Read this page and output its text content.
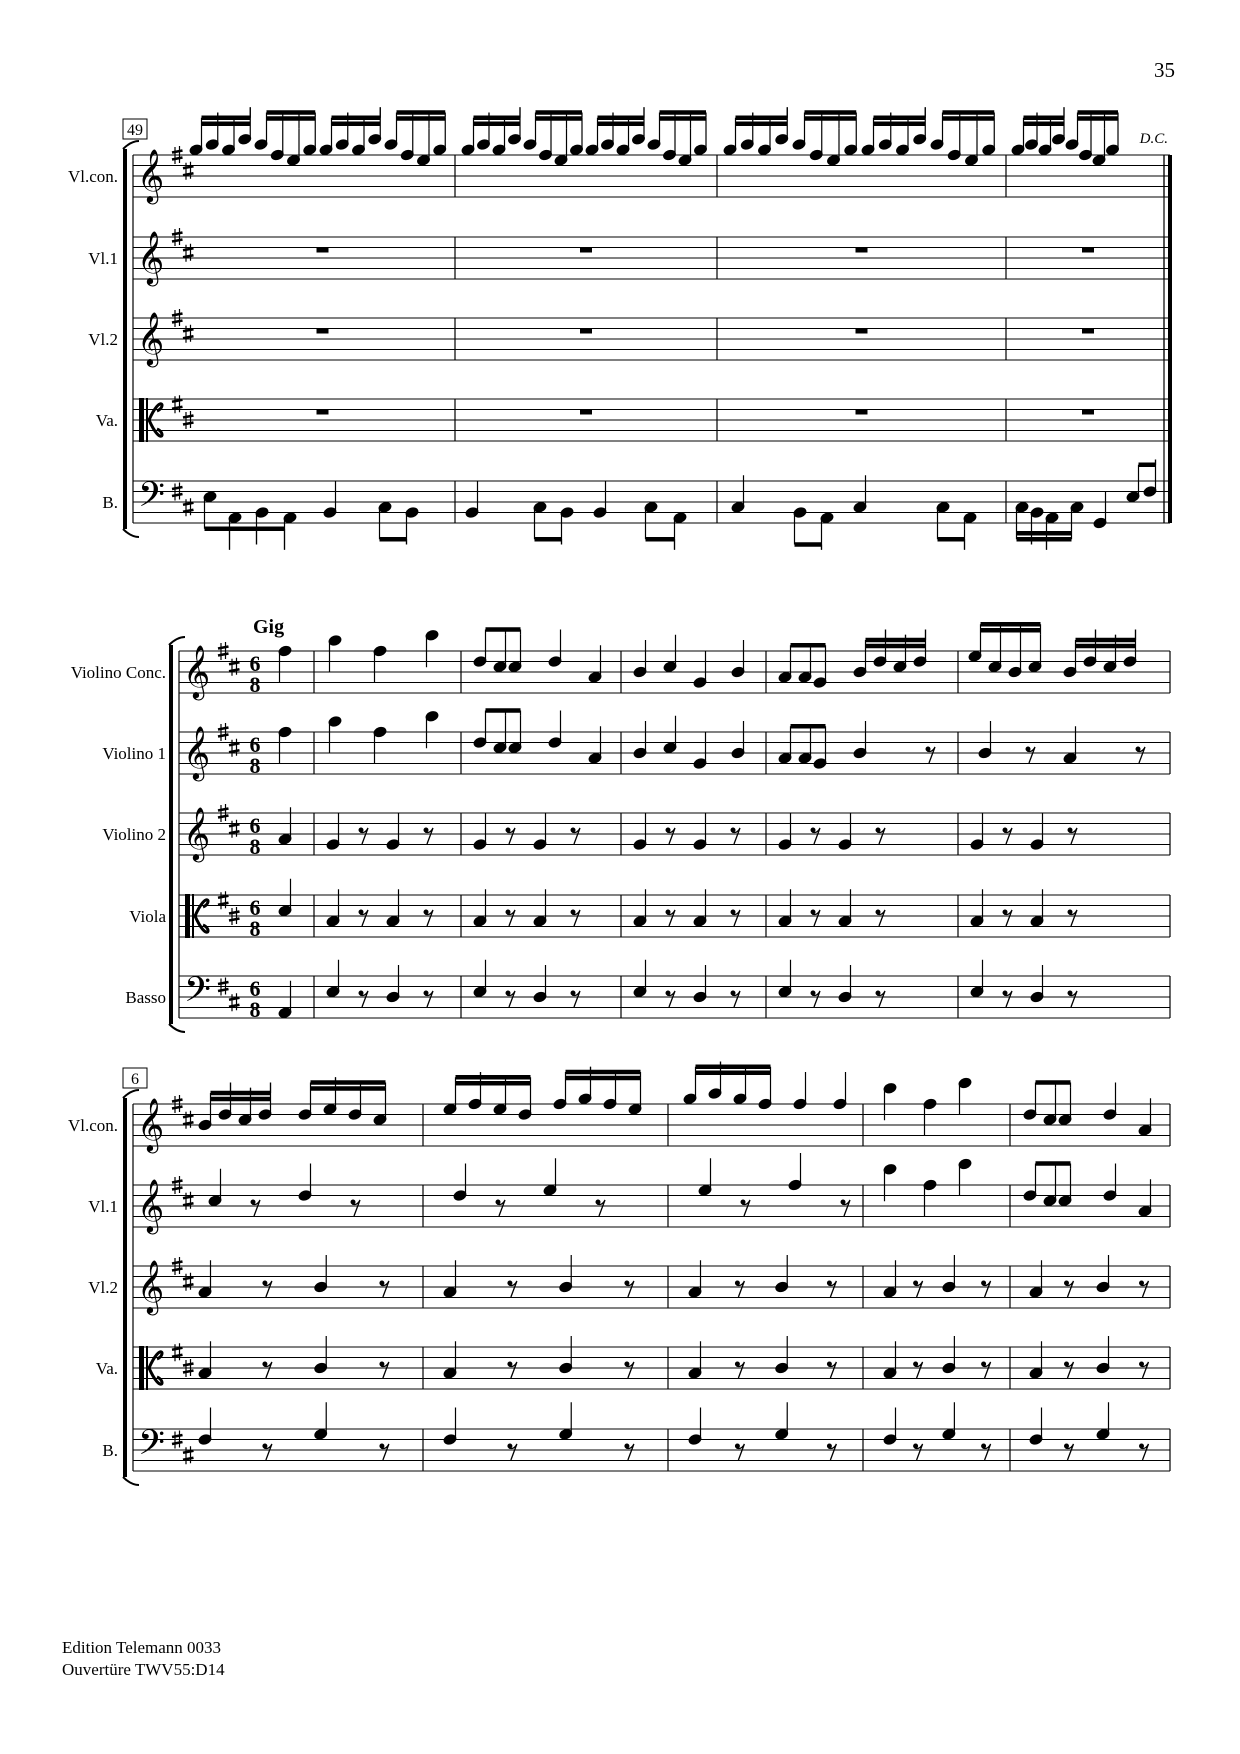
35
49	D.C.
Vl.con.
Vl.1
Vl.2
Va.
B.
𝄞
𝄞
𝄞
𝄢
Gig
Violino Conc.
Violino 1
Violino 2
Viola
Basso
𝄞 6
8
𝄞 6
8
𝄞 6
8
6
8
𝄢 6
8
6
Vl.con.
Vl.1
Vl.2
Va.
B.
𝄞
𝄞
𝄞
𝄢
Edition Telemann 0033
Ouvertüre TWV55:D14
